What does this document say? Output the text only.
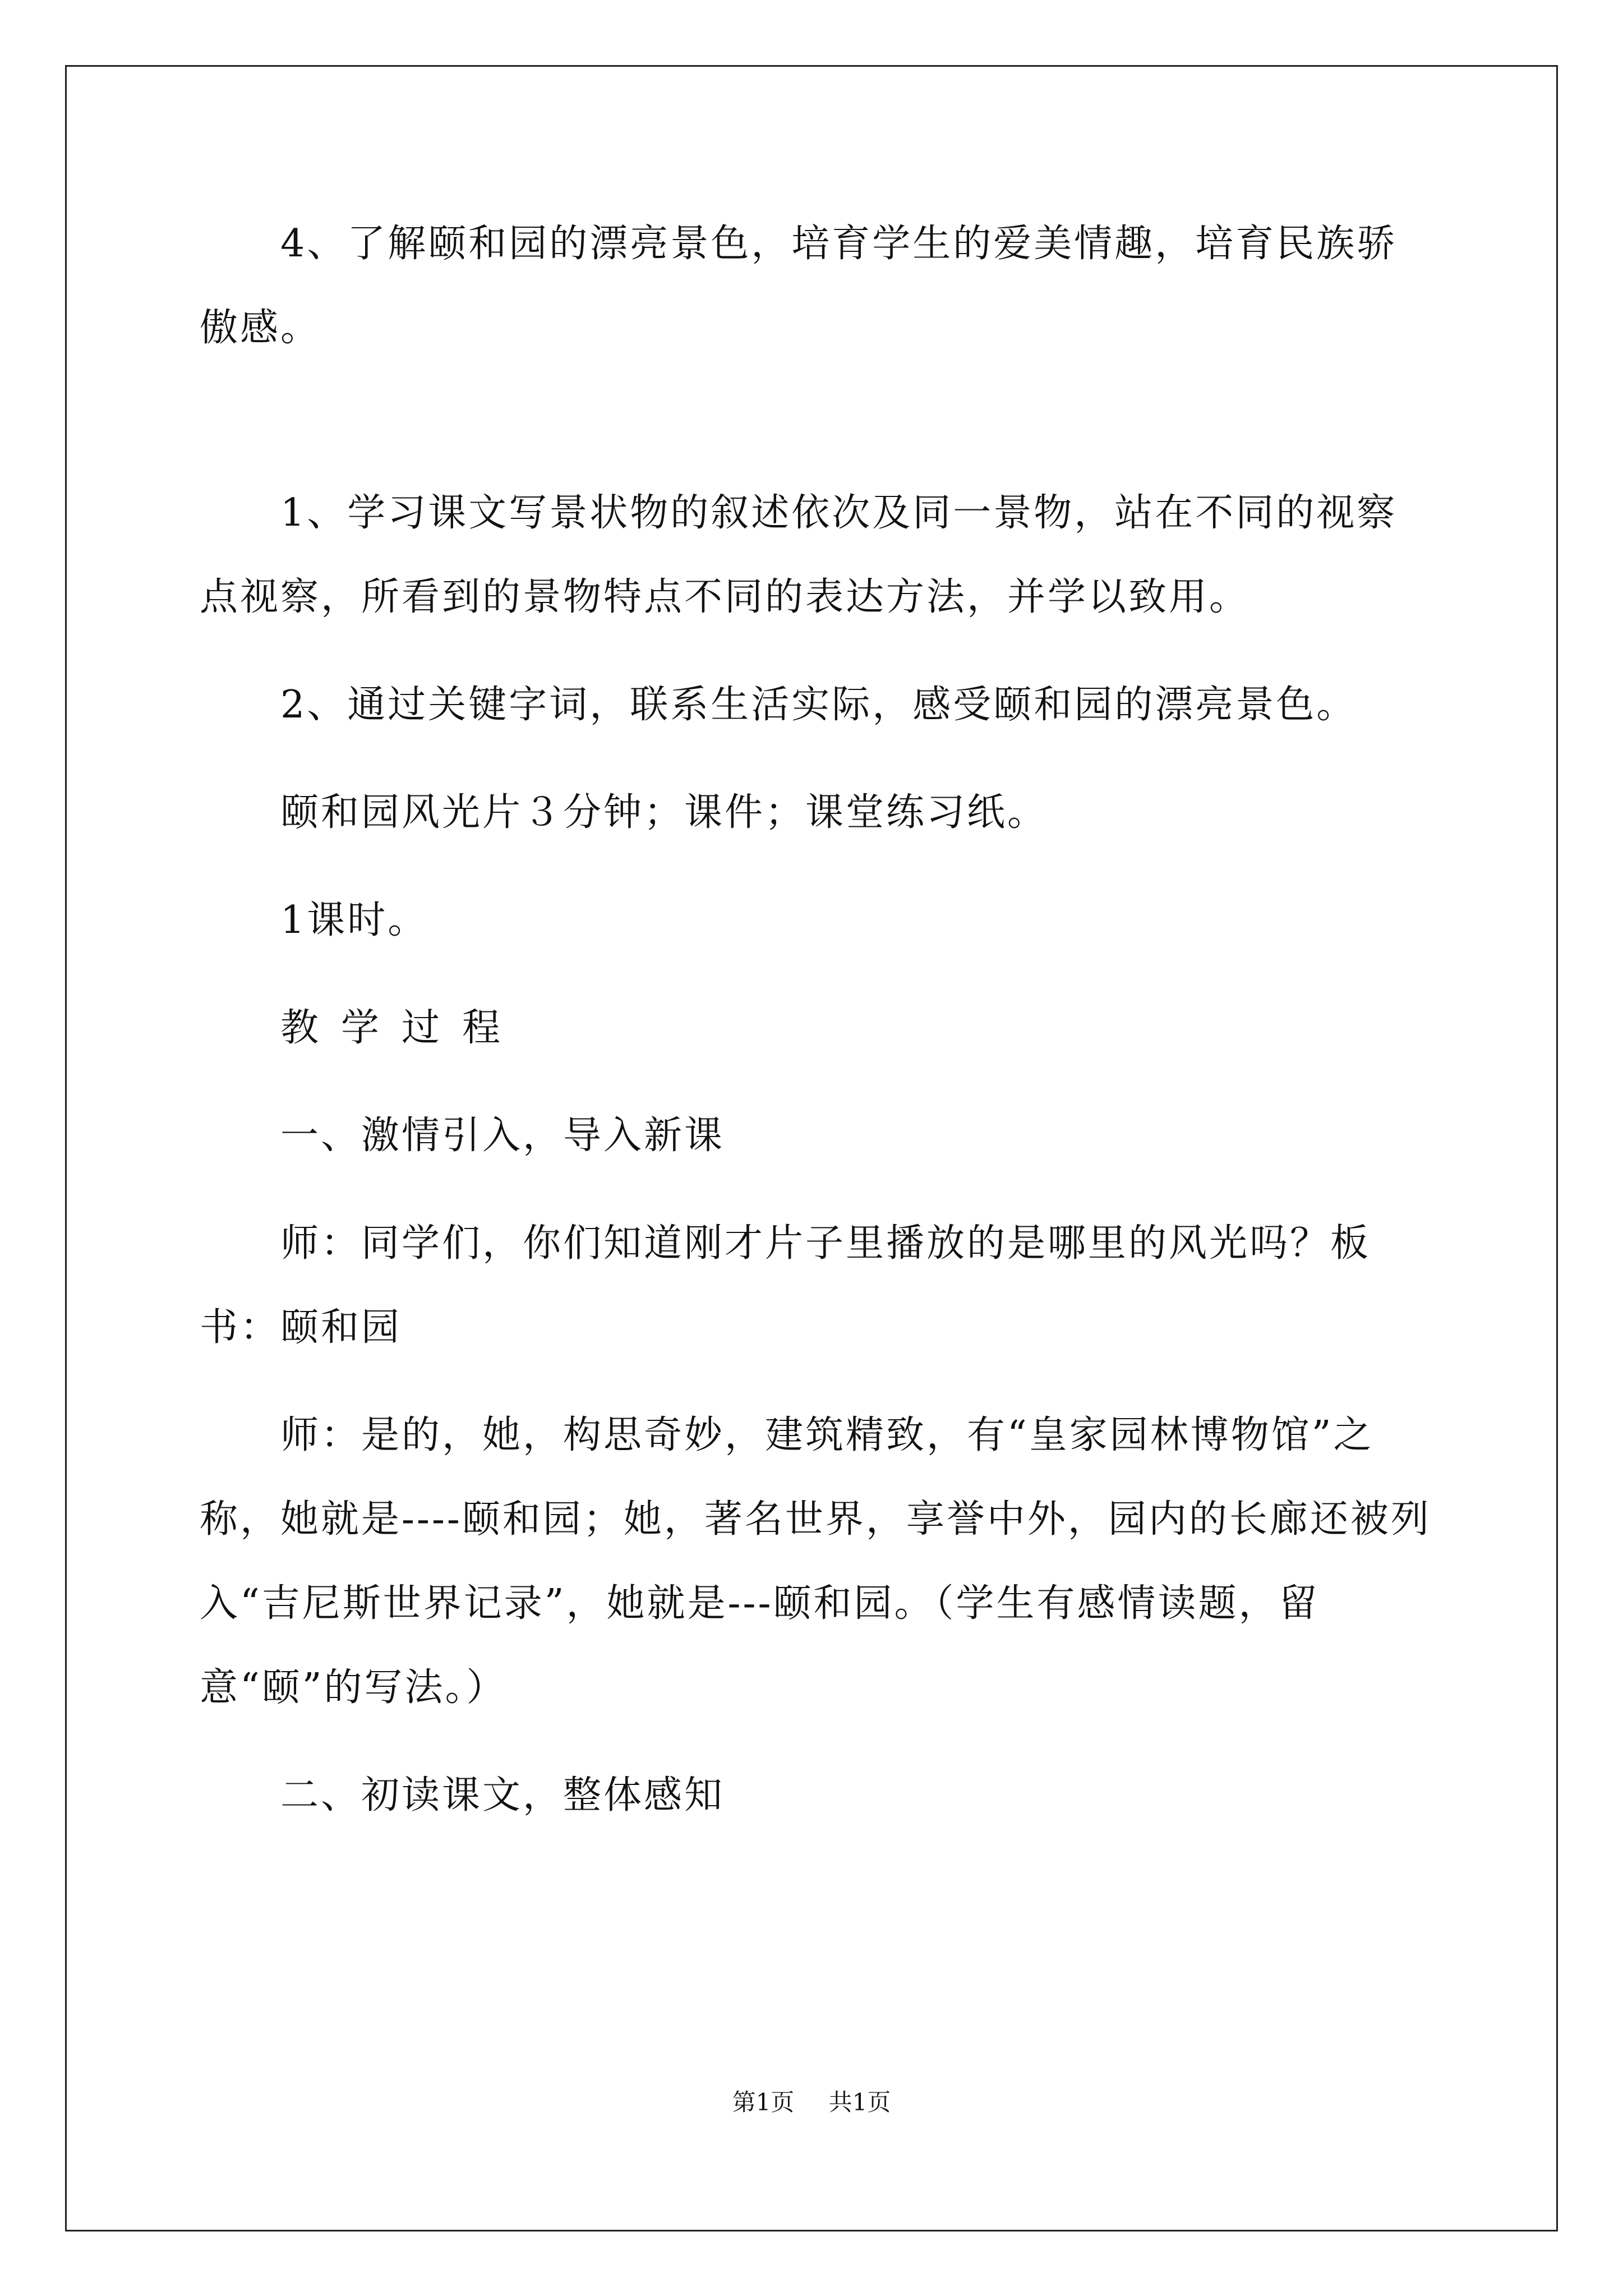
4、了解颐和园的漂亮景色，培育学生的爱美情趣，培育民族骄傲感。

1、学习课文写景状物的叙述依次及同一景物，站在不同的视察点视察，所看到的景物特点不同的表达方法，并学以致用。

2、通过关键字词，联系生活实际，感受颐和园的漂亮景色。

颐和园风光片３分钟；课件；课堂练习纸。

1课时。

教学过程

一、激情引入，导入新课

师：同学们，你们知道刚才片子里播放的是哪里的风光吗？板书：颐和园

师：是的，她，构思奇妙，建筑精致，有“皇家园林博物馆”之称，她就是----颐和园；她，著名世界，享誉中外，园内的长廊还被列入“吉尼斯世界记录”，她就是---颐和园。（学生有感情读题，留意“颐”的写法。）

二、初读课文，整体感知

第1页 共1页
